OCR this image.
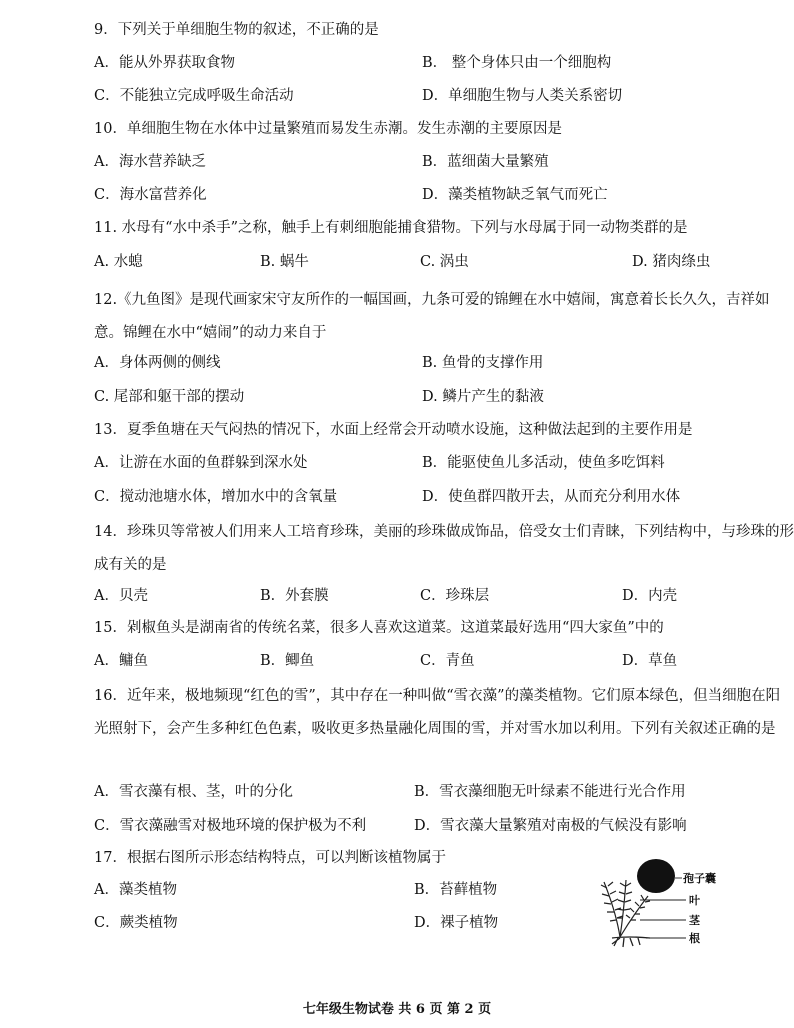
9．下列关于单细胞生物的叙述，不正确的是
A．能从外界获取食物	B． 整个身体只由一个细胞构
C．不能独立完成呼吸生命活动	D．单细胞生物与人类关系密切
10．单细胞生物在水体中过量繁殖而易发生赤潮。发生赤潮的主要原因是
A．海水营养缺乏	B．蓝细菌大量繁殖
C．海水富营养化	D．藻类植物缺乏氧气而死亡
11. 水母有“水中杀手”之称，触手上有刺细胞能捕食猎物。下列与水母属于同一动物类群的是
A. 水螅	B. 蜗牛	C. 涡虫	D. 猪肉绦虫
12.《九鱼图》是现代画家宋守友所作的一幅国画，九条可爱的锦鲤在水中嬉闹，寓意着长长久久，吉祥如意。锦鲤在水中“嬉闹”的动力来自于
A．身体两侧的侧线	B. 鱼骨的支撑作用
C. 尾部和躯干部的摆动	D. 鳞片产生的黏液
13．夏季鱼塘在天气闷热的情况下，水面上经常会开动喷水设施，这种做法起到的主要作用是
A．让游在水面的鱼群躲到深水处	B．能驱使鱼儿多活动，使鱼多吃饵料
C．搅动池塘水体，增加水中的含氧量	D．使鱼群四散开去，从而充分利用水体
14．珍珠贝等常被人们用来人工培育珍珠，美丽的珍珠做成饰品，倍受女士们青睐，下列结构中，与珍珠的形成有关的是
A．贝壳	B．外套膜	C．珍珠层	D．内壳
15．剁椒鱼头是湖南省的传统名菜，很多人喜欢这道菜。这道菜最好选用“四大家鱼”中的
A．鳙鱼	B．鲫鱼	C．青鱼	D．草鱼
16．近年来，极地频现“红色的雪”，其中存在一种叫做“雪衣藻”的藻类植物。它们原本绿色，但当细胞在阳光照射下，会产生多种红色色素，吸收更多热量融化周围的雪，并对雪水加以利用。下列有关叙述正确的是
A．雪衣藻有根、茎，叶的分化	B．雪衣藻细胞无叶绿素不能进行光合作用
C．雪衣藻融雪对极地环境的保护极为不利	D．雪衣藻大量繁殖对南极的气候没有影响
17．根据右图所示形态结构特点，可以判断该植物属于
A．藻类植物	B．苔藓植物
C．蕨类植物	D．裸子植物
孢子囊
叶
茎
根
七年级生物试卷 共 6 页 第 2 页
